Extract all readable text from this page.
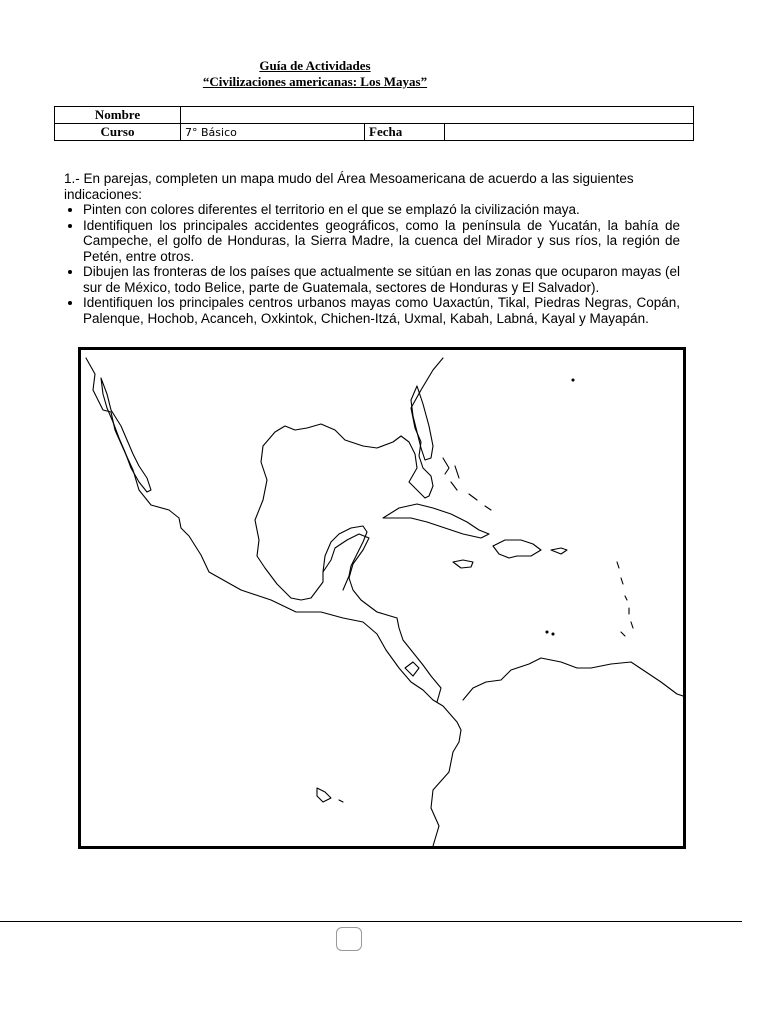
Guía de Actividades
“Civilizaciones americanas: Los Mayas”
Nombre			
Curso	7° Básico	Fecha	

1.- En parejas, completen un mapa mudo del Área Mesoamericana de acuerdo a las siguientes indicaciones:

• Pinten con colores diferentes el territorio en el que se emplazó la civilización maya.
• Identifiquen los principales accidentes geográficos, como la península de Yucatán, la bahía de Campeche, el golfo de Honduras, la Sierra Madre, la cuenca del Mirador y sus ríos, la región de Petén, entre otros.
• Dibujen las fronteras de los países que actualmente se sitúan en las zonas que ocuparon mayas (el sur de México, todo Belice, parte de Guatemala, sectores de Honduras y El Salvador).
• Identifiquen los principales centros urbanos mayas como Uaxactún, Tikal, Piedras Negras, Copán, Palenque, Hochob, Acanceh, Oxkintok, Chichen-Itzá, Uxmal, Kabah, Labná, Kayal y Mayapán.
